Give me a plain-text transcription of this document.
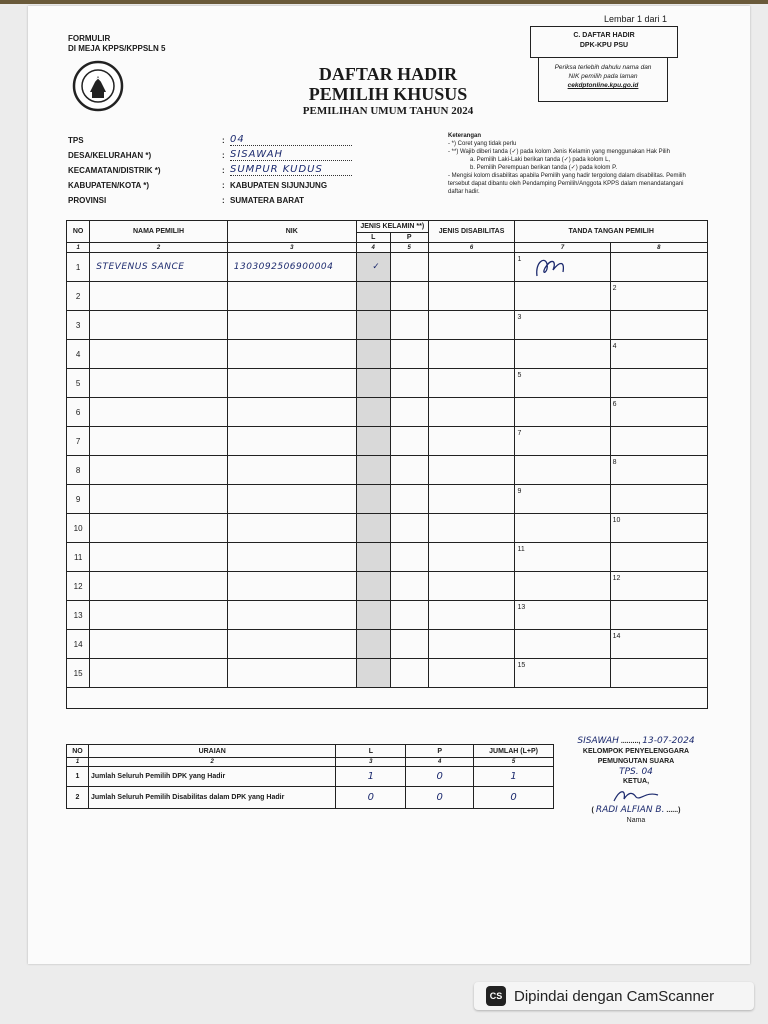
Lembar 1 dari 1
FORMULIR
DI MEJA KPPS/KPPSLN 5
C. DAFTAR HADIR
DPK-KPU PSU
Periksa terlebih dahulu nama dan
NIK pemilih pada laman
cekdptonline.kpu.go.id
DAFTAR HADIR
PEMILIH KHUSUS
PEMILIHAN UMUM TAHUN 2024
TPS	: 04
DESA/KELURAHAN *)	: SISAWAH
KECAMATAN/DISTRIK *)	: SUMPUR KUDUS
KABUPATEN/KOTA *)	: KABUPATEN SIJUNJUNG
PROVINSI	: SUMATERA BARAT
Keterangan
- *) Coret yang tidak perlu
- **) Wajib diberi tanda (✓) pada kolom Jenis Kelamin yang menggunakan Hak Pilih
a. Pemilih Laki-Laki berikan tanda (✓) pada kolom L,
b. Pemilih Perempuan berikan tanda (✓) pada kolom P.
- Mengisi kolom disabilitas apabila Pemilih yang hadir tergolong dalam disabilitas. Pemilih tersebut dapat dibantu oleh Pendamping Pemilih/Anggota KPPS dalam menandatangani daftar hadir.
NO	NAMA PEMILIH	NIK	JENIS KELAMIN **)		JENIS DISABILITAS	TANDA TANGAN PEMILIH	
			L	P			
1	2	3	4	5	6	7	8
1	STEVENUS SANCE	1303092506900004	✓			1	

2							2

3						3	

4							4

5						5	

6							6

7						7	

8							8

9						9	

10							10

11						11	

12							12

13						13	

14							14

15						15	

NO	URAIAN	L	P	JUMLAH (L+P)
1	2	3	4	5
1	Jumlah Seluruh Pemilih DPK yang Hadir	1	0	1
2	Jumlah Seluruh Pemilih Disabilitas dalam DPK yang Hadir	0	0	0
SISAWAH ........., 13-07-2024
KELOMPOK PENYELENGGARA
PEMUNGUTAN SUARA
TPS. 04
KETUA,
( RADI ALFIAN B. ......)
Nama
CS Dipindai dengan CamScanner
